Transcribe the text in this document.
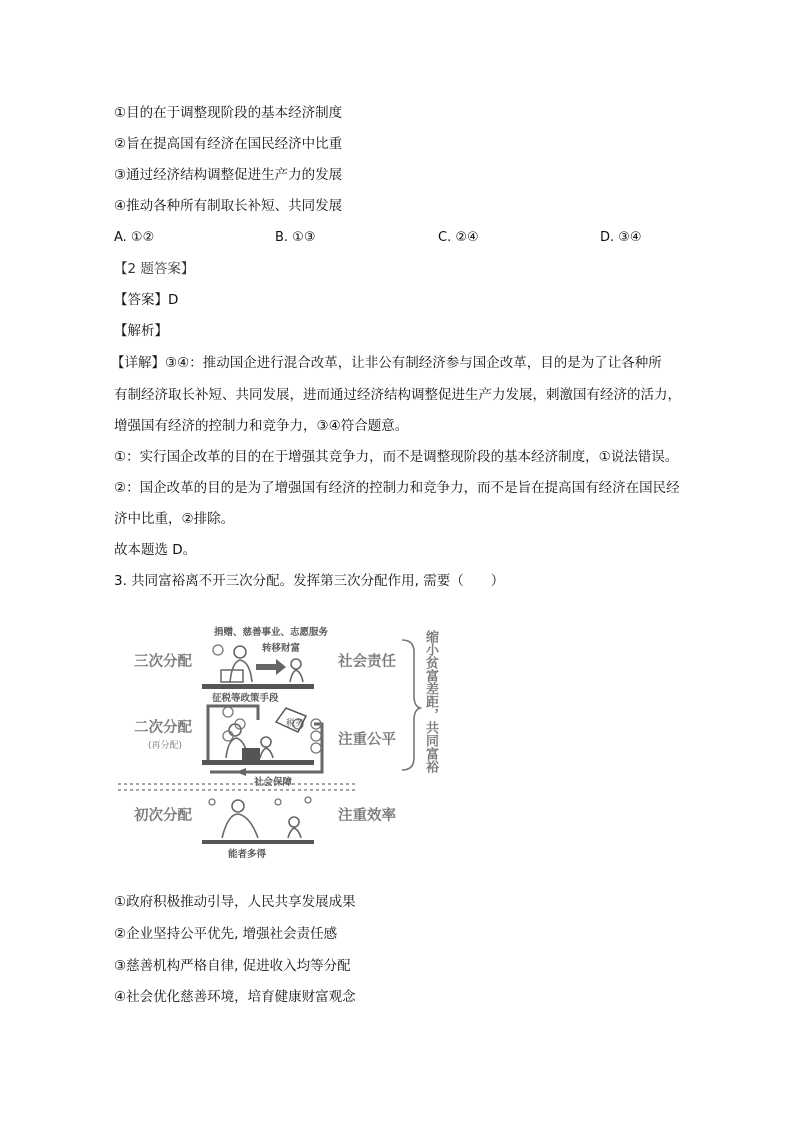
①目的在于调整现阶段的基本经济制度
②旨在提高国有经济在国民经济中比重
③通过经济结构调整促进生产力的发展
④推动各种所有制取长补短、共同发展
A. ①②	B. ①③	C. ②④	D. ③④
【2 题答案】
【答案】D
【解析】
【详解】③④：推动国企进行混合改革，让非公有制经济参与国企改革，目的是为了让各种所
有制经济取长补短、共同发展，进而通过经济结构调整促进生产力发展，刺激国有经济的活力，
增强国有经济的控制力和竞争力，③④符合题意。
①：实行国企改革的目的在于增强其竞争力，而不是调整现阶段的基本经济制度，①说法错误。
②：国企改革的目的是为了增强国有经济的控制力和竞争力，而不是旨在提高国有经济在国民经
济中比重，②排除。
故本题选 D。
3. 共同富裕离不开三次分配。发挥第三次分配作用, 需要（　　）
三次分配
捐赠、慈善事业、志愿服务
转移财富
社会责任
征税等政策手段
税务
二次分配
(再分配)	注重公平
社会保障
初次分配	注重效率
能者多得
缩小贫富差距，共同富裕
①政府积极推动引导，人民共享发展成果
②企业坚持公平优先, 增强社会责任感
③慈善机构严格自律, 促进收入均等分配
④社会优化慈善环境，培育健康财富观念
